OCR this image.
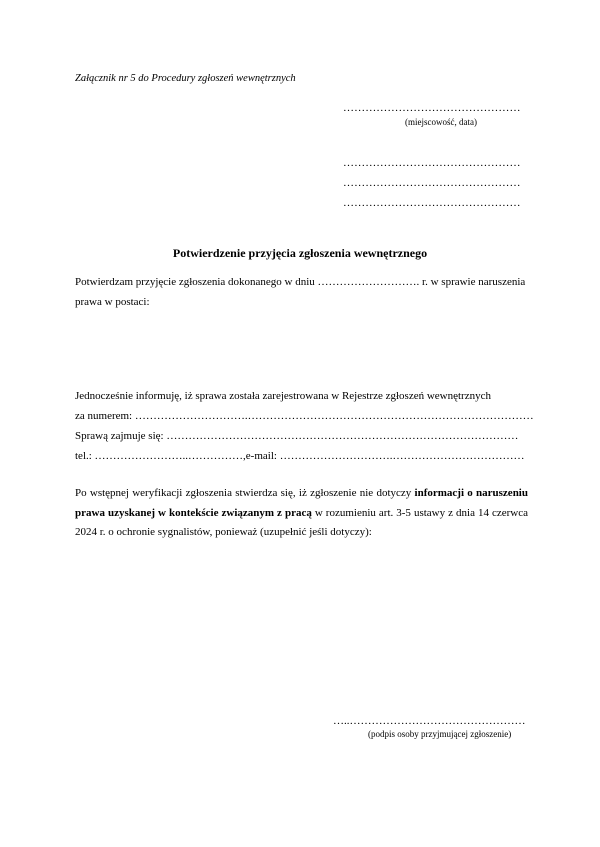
Załącznik nr 5 do Procedury zgłoszeń wewnętrznych
…………………………………………
(miejscowość, data)
…………………………………………
…………………………………………
…………………………………………
Potwierdzenie przyjęcia zgłoszenia wewnętrznego
Potwierdzam przyjęcie zgłoszenia dokonanego w dniu ………………………. r. w sprawie naruszenia
prawa w postaci:
Jednocześnie informuję, iż sprawa została zarejestrowana w Rejestrze zgłoszeń wewnętrznych
za numerem: ………………………….……………………………………………………………………
Sprawą zajmuje się: ……………………………………………………………………………………
tel.: ……………………..……………,e-mail: ………………………….………………………………
Po wstępnej weryfikacji zgłoszenia stwierdza się, iż zgłoszenie nie dotyczy informacji o naruszeniu prawa uzyskanej w kontekście związanym z pracą w rozumieniu art. 3-5 ustawy z dnia 14 czerwca 2024 r. o ochronie sygnalistów, ponieważ (uzupełnić jeśli dotyczy):
…..…………………………………………
(podpis osoby przyjmującej zgłoszenie)
